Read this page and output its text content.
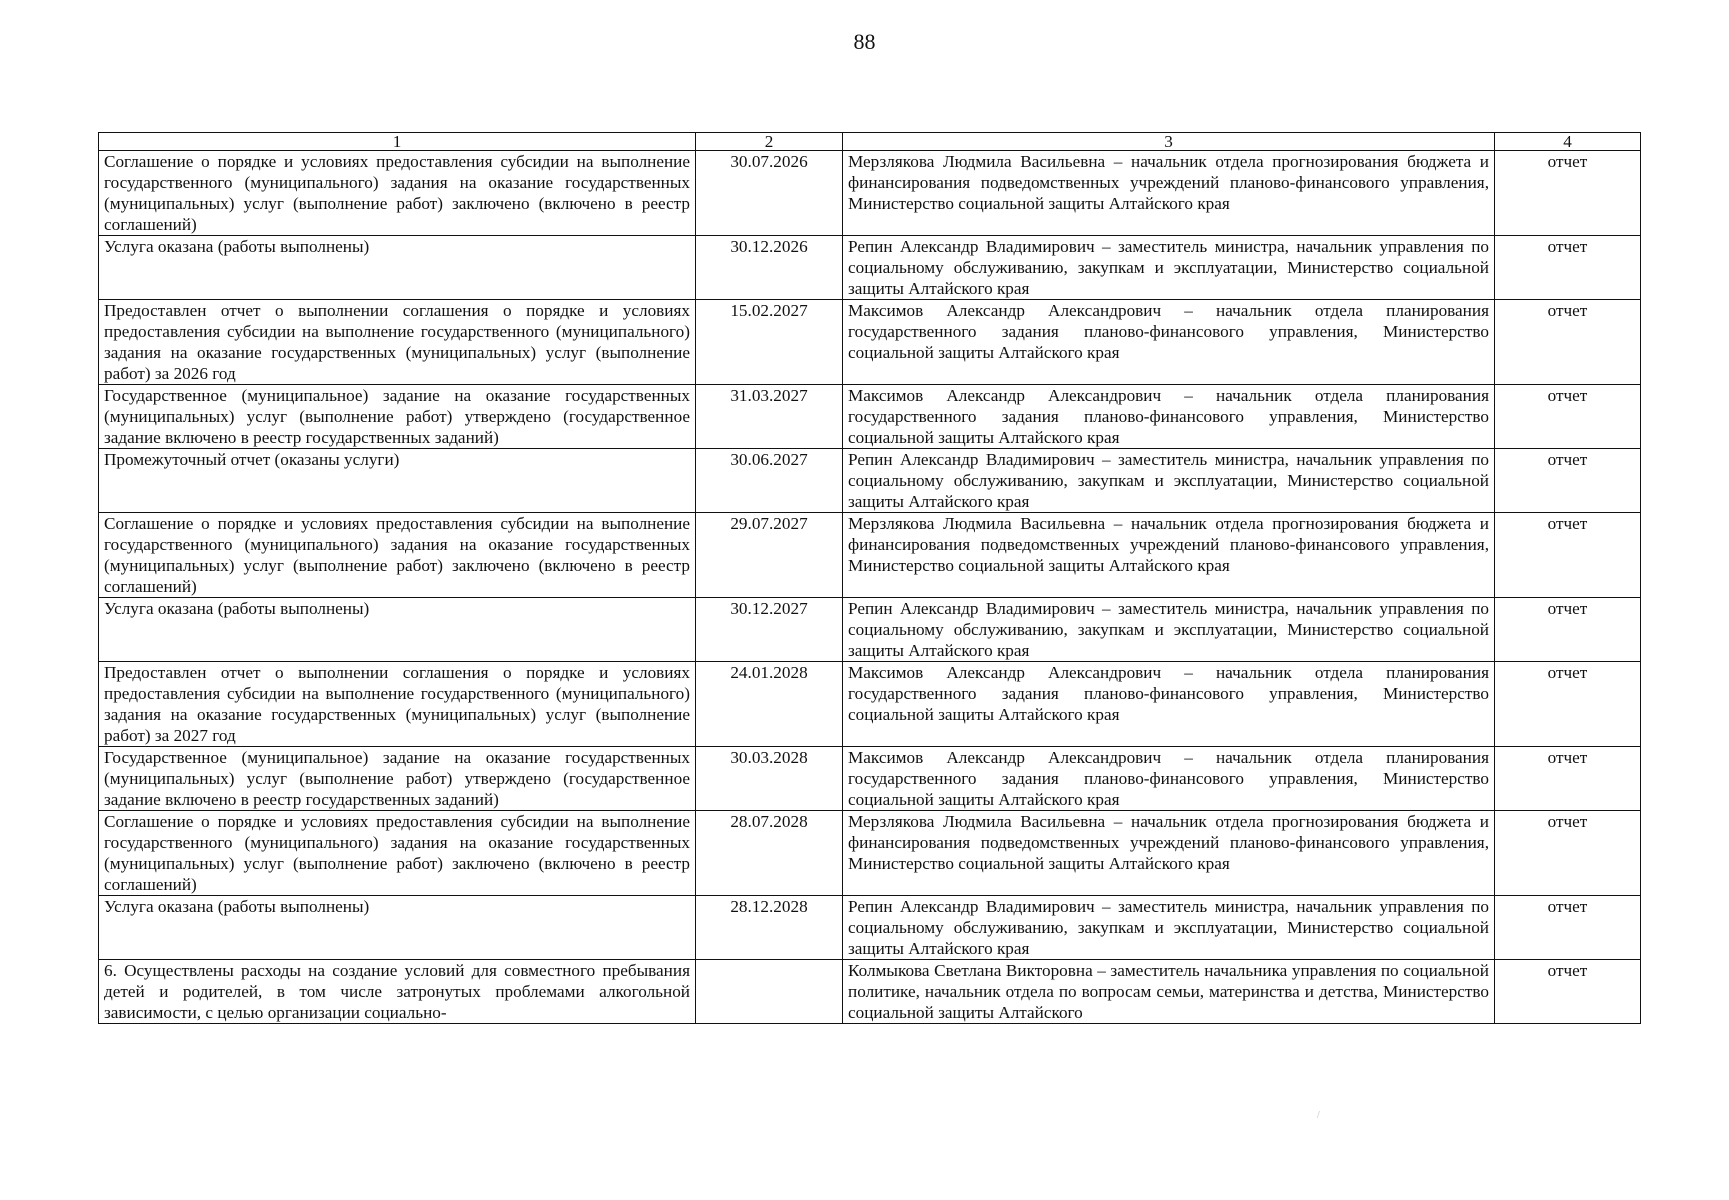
88
1	2	3	4
Соглашение о порядке и условиях предоставления субсидии на выполнение государственного (муниципального) задания на оказание государственных (муниципальных) услуг (выполнение работ) заключено (включено в реестр соглашений)	30.07.2026	Мерзлякова Людмила Васильевна – начальник отдела прогнозирования бюджета и финансирования подведомственных учреждений планово-финансового управления, Министерство социальной защиты Алтайского края	отчет
Услуга оказана (работы выполнены)	30.12.2026	Репин Александр Владимирович – заместитель министра, начальник управления по социальному обслуживанию, закупкам и эксплуатации, Министерство социальной защиты Алтайского края	отчет
Предоставлен отчет о выполнении соглашения о порядке и условиях предоставления субсидии на выполнение государственного (муниципального) задания на оказание государственных (муниципальных) услуг (выполнение работ) за 2026 год	15.02.2027	Максимов Александр Александрович – начальник отдела планирования государственного задания планово-финансового управления, Министерство социальной защиты Алтайского края	отчет
Государственное (муниципальное) задание на оказание государственных (муниципальных) услуг (выполнение работ) утверждено (государственное задание включено в реестр государственных заданий)	31.03.2027	Максимов Александр Александрович – начальник отдела планирования государственного задания планово-финансового управления, Министерство социальной защиты Алтайского края	отчет
Промежуточный отчет (оказаны услуги)	30.06.2027	Репин Александр Владимирович – заместитель министра, начальник управления по социальному обслуживанию, закупкам и эксплуатации, Министерство социальной защиты Алтайского края	отчет
Соглашение о порядке и условиях предоставления субсидии на выполнение государственного (муниципального) задания на оказание государственных (муниципальных) услуг (выполнение работ) заключено (включено в реестр соглашений)	29.07.2027	Мерзлякова Людмила Васильевна – начальник отдела прогнозирования бюджета и финансирования подведомственных учреждений планово-финансового управления, Министерство социальной защиты Алтайского края	отчет
Услуга оказана (работы выполнены)	30.12.2027	Репин Александр Владимирович – заместитель министра, начальник управления по социальному обслуживанию, закупкам и эксплуатации, Министерство социальной защиты Алтайского края	отчет
Предоставлен отчет о выполнении соглашения о порядке и условиях предоставления субсидии на выполнение государственного (муниципального) задания на оказание государственных (муниципальных) услуг (выполнение работ) за 2027 год	24.01.2028	Максимов Александр Александрович – начальник отдела планирования государственного задания планово-финансового управления, Министерство социальной защиты Алтайского края	отчет
Государственное (муниципальное) задание на оказание государственных (муниципальных) услуг (выполнение работ) утверждено (государственное задание включено в реестр государственных заданий)	30.03.2028	Максимов Александр Александрович – начальник отдела планирования государственного задания планово-финансового управления, Министерство социальной защиты Алтайского края	отчет
Соглашение о порядке и условиях предоставления субсидии на выполнение государственного (муниципального) задания на оказание государственных (муниципальных) услуг (выполнение работ) заключено (включено в реестр соглашений)	28.07.2028	Мерзлякова Людмила Васильевна – начальник отдела прогнозирования бюджета и финансирования подведомственных учреждений планово-финансового управления, Министерство социальной защиты Алтайского края	отчет
Услуга оказана (работы выполнены)	28.12.2028	Репин Александр Владимирович – заместитель министра, начальник управления по социальному обслуживанию, закупкам и эксплуатации, Министерство социальной защиты Алтайского края	отчет
6. Осуществлены расходы на создание условий для совместного пребывания детей и родителей, в том числе затронутых проблемами алкогольной зависимости, с целью организации социально-		Колмыкова Светлана Викторовна – заместитель начальника управления по социальной политике, начальник отдела по вопросам семьи, материнства и детства, Министерство социальной защиты Алтайского	отчет
/
